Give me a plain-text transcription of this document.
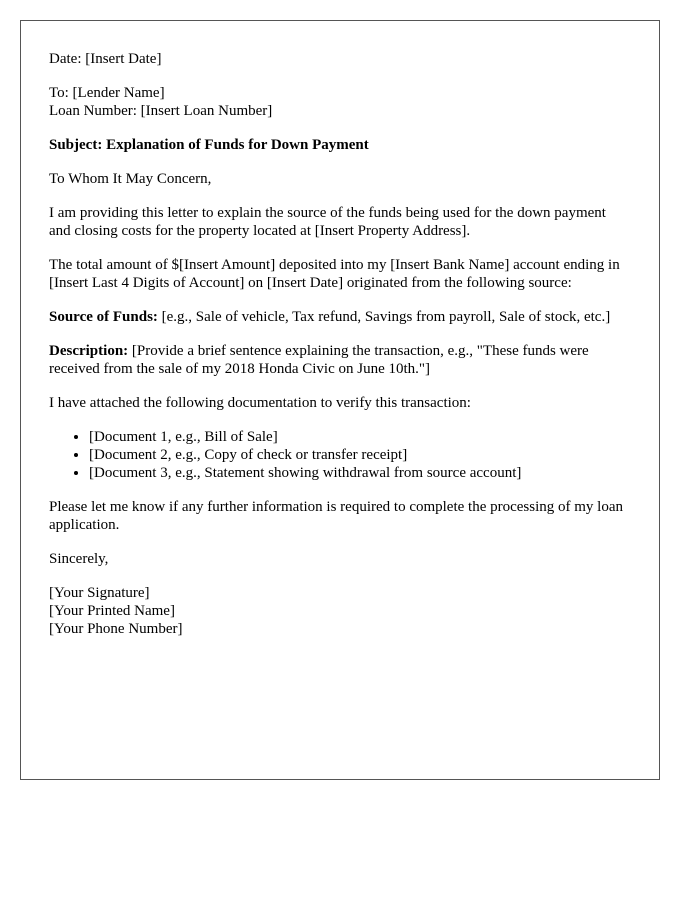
Date: [Insert Date]

To: [Lender Name]
Loan Number: [Insert Loan Number]

Subject: Explanation of Funds for Down Payment

To Whom It May Concern,

I am providing this letter to explain the source of the funds being used for the down payment and closing costs for the property located at [Insert Property Address].

The total amount of $[Insert Amount] deposited into my [Insert Bank Name] account ending in [Insert Last 4 Digits of Account] on [Insert Date] originated from the following source:

Source of Funds: [e.g., Sale of vehicle, Tax refund, Savings from payroll, Sale of stock, etc.]

Description: [Provide a brief sentence explaining the transaction, e.g., "These funds were received from the sale of my 2018 Honda Civic on June 10th."]

I have attached the following documentation to verify this transaction:

• [Document 1, e.g., Bill of Sale]
• [Document 2, e.g., Copy of check or transfer receipt]
• [Document 3, e.g., Statement showing withdrawal from source account]

Please let me know if any further information is required to complete the processing of my loan application.

Sincerely,

[Your Signature]
[Your Printed Name]
[Your Phone Number]
